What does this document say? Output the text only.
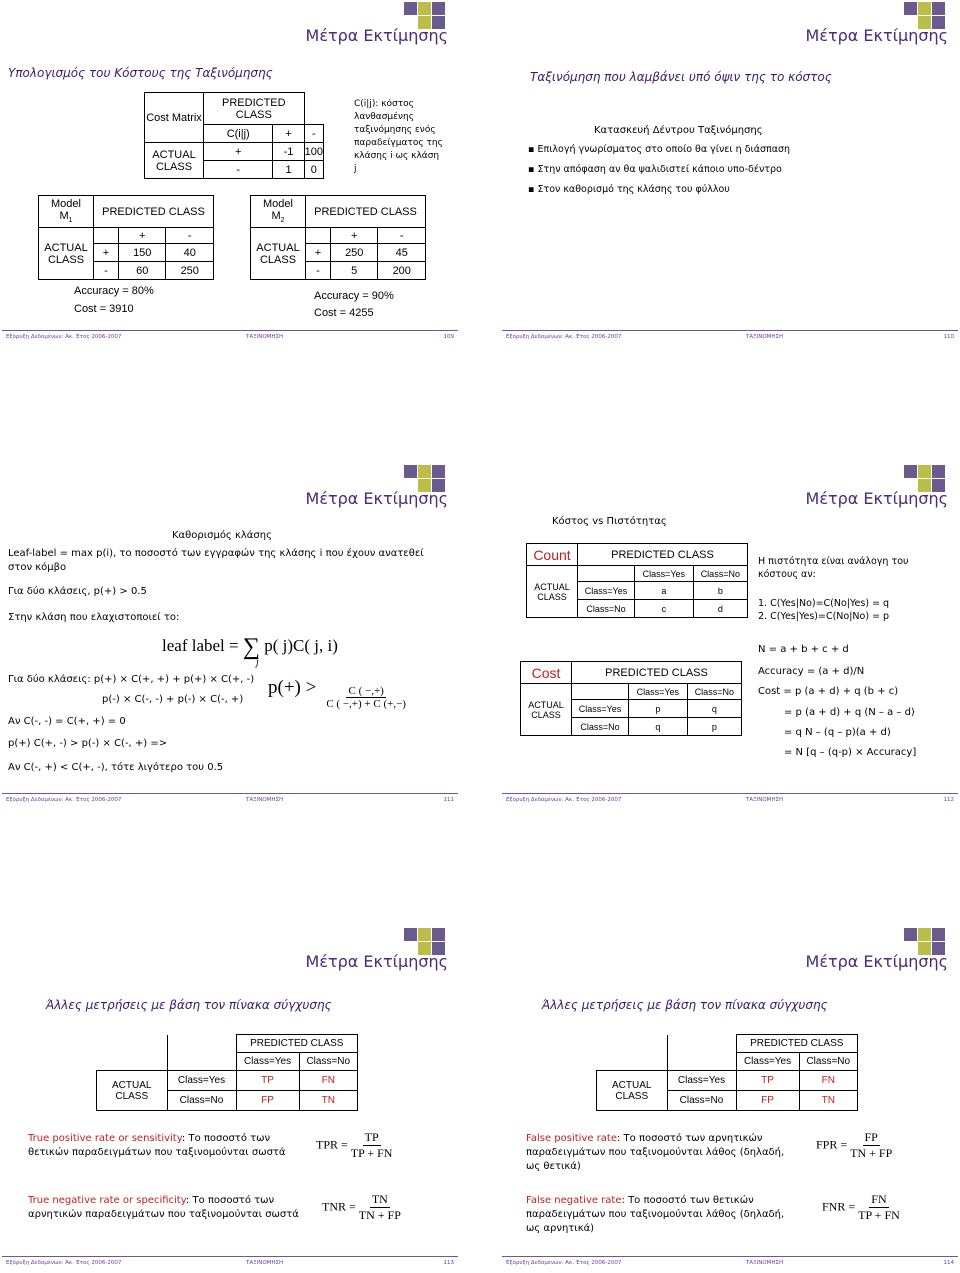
Μέτρα Εκτίμησης
Υπολογισμός του Κόστους της Ταξινόμησης
Cost Matrix	PREDICTED CLASS		
	C(i|j)	+	-
ACTUAL CLASS	+	-1	100
	-	1	0
C(i|j): κόστος λανθασμένης ταξινόμησης ενός παραδείγματος της κλάσης i ως κλάση j
Model
$M_1$	PREDICTED CLASS		
ACTUAL CLASS		+	-
	+	150	40
	-	60	250
Accuracy = 80%
Cost = 3910
Model
$M_2$	PREDICTED CLASS		
ACTUAL CLASS		+	-
	+	250	45
	-	5	200
Accuracy = 90%
Cost = 4255
Εξόρυξη Δεδομένων: Ακ. Έτος 2006-2007	ΤΑΞΙΝΟΜΗΣΗ	109
Μέτρα Εκτίμησης
Ταξινόμηση που λαμβάνει υπό όψιν της το κόστος
Κατασκευή Δέντρου Ταξινόμησης
▪ Επιλογή γνωρίσματος στο οποίο θα γίνει η διάσπαση
▪ Στην απόφαση αν θα ψαλιδιστεί κάποιο υπο-δέντρο
▪ Στον καθορισμό της κλάσης του φύλλου
Εξόρυξη Δεδομένων: Ακ. Έτος 2006-2007	ΤΑΞΙΝΟΜΗΣΗ	110
Μέτρα Εκτίμησης
Καθορισμός κλάσης
Leaf-label = max p(i), το ποσοστό των εγγραφών της κλάσης i που έχουν ανατεθεί στον κόμβο
Για δύο κλάσεις, p(+) > 0.5
Στην κλάση που ελαχιστοποιεί το:
leaf label = ∑ p( j)C( j, i)
j
Για δύο κλάσεις: p(+) × C(+, +) + p(+) × C(+, -)
p(-) × C(-, -) + p(-) × C(-, +)
Αν C(-, -) = C(+, +) = 0
p(+) C(+, -) > p(-) × C(-, +) =>
$p(+) > \frac{C ( -,+)}{C ( -,+) + C (+,-)}$
Αν C(-, +) < C(+, -), τότε λιγότερο του 0.5
Εξόρυξη Δεδομένων: Ακ. Έτος 2006-2007	ΤΑΞΙΝΟΜΗΣΗ	111
Μέτρα Εκτίμησης
Κόστος vs Πιστότητας
Count	PREDICTED CLASS		
ACTUAL CLASS		Class=Yes	Class=No
	Class=Yes	a	b
	Class=No	c	d
Cost	PREDICTED CLASS		
ACTUAL CLASS		Class=Yes	Class=No
	Class=Yes	p	q
	Class=No	q	p
Η πιστότητα είναι ανάλογη του κόστους αν:
1. C(Yes|No)=C(No|Yes) = q
2. C(Yes|Yes)=C(No|No) = p
N = a + b + c + d
Accuracy = (a + d)/N
Cost = p (a + d) + q (b + c)
= p (a + d) + q (N – a – d)
= q N – (q – p)(a + d)
= N [q – (q-p) × Accuracy]
Εξόρυξη Δεδομένων: Ακ. Έτος 2006-2007	ΤΑΞΙΝΟΜΗΣΗ	112
Μέτρα Εκτίμησης
Άλλες μετρήσεις με βάση τον πίνακα σύγχυσης
		PREDICTED CLASS	
		Class=Yes	Class=No
ACTUAL CLASS	Class=Yes	TP	FN
	Class=No	FP	TN
True positive rate or sensitivity: Το ποσοστό των θετικών παραδειγμάτων που ταξινομούνται σωστά
TPR = $\frac{TP}{TP + FN}$
True negative rate or specificity: Το ποσοστό των αρνητικών παραδειγμάτων που ταξινομούνται σωστά
TNR = $\frac{TN}{TN + FP}$
Εξόρυξη Δεδομένων: Ακ. Έτος 2006-2007	ΤΑΞΙΝΟΜΗΣΗ	113
Μέτρα Εκτίμησης
Άλλες μετρήσεις με βάση τον πίνακα σύγχυσης
		PREDICTED CLASS	
		Class=Yes	Class=No
ACTUAL CLASS	Class=Yes	TP	FN
	Class=No	FP	TN
False positive rate: Το ποσοστό των αρνητικών παραδειγμάτων που ταξινομούνται λάθος (δηλαδή, ως θετικά)
FPR = $\frac{FP}{TN + FP}$
False negative rate: Το ποσοστό των θετικών παραδειγμάτων που ταξινομούνται λάθος (δηλαδή, ως αρνητικά)
FNR = $\frac{FN}{TP + FN}$
Εξόρυξη Δεδομένων: Ακ. Έτος 2006-2007	ΤΑΞΙΝΟΜΗΣΗ	114
